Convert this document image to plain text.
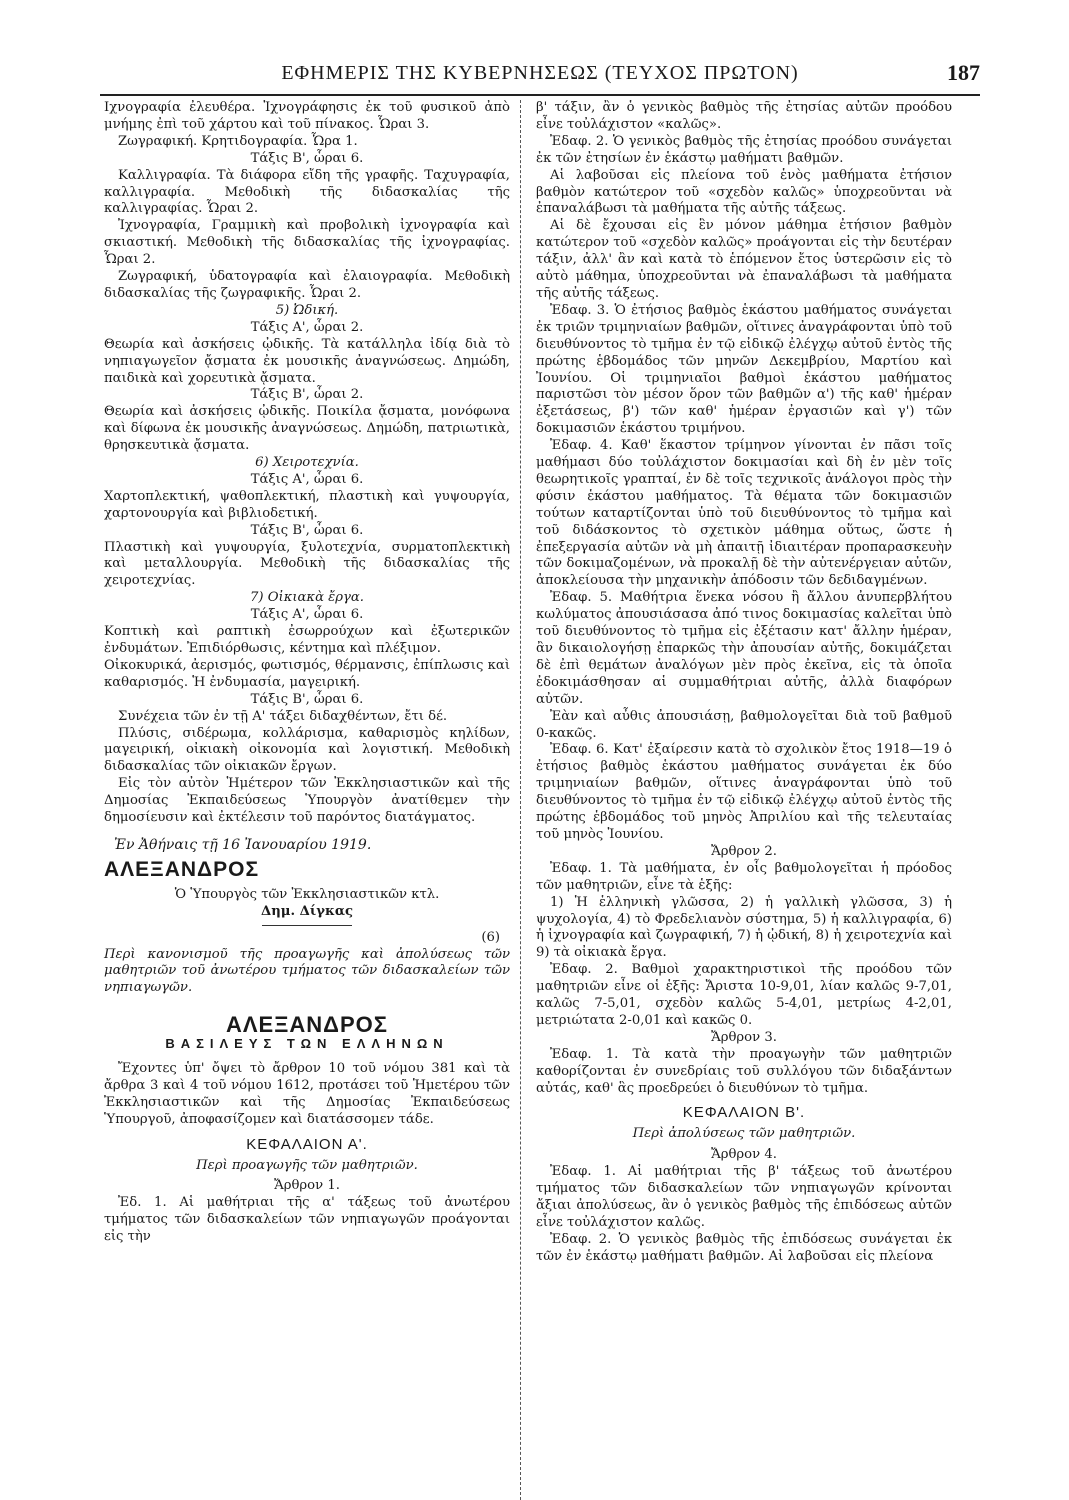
ΕΦΗΜΕΡΙΣ ΤΗΣ ΚΥΒΕΡΝΗΣΕΩΣ (ΤΕΥΧΟΣ ΠΡΩΤΟΝ)	187

Ιχνογραφία ἐλευθέρα. Ἰχνογράφησις ἐκ τοῦ φυσικοῦ ἀπὸ μνήμης ἐπὶ τοῦ χάρτου καὶ τοῦ πίνακος. Ὧραι 3.

Ζωγραφική. Κρητιδογραφία. Ὧρα 1.

Τάξις Β', ὧραι 6.

Καλλιγραφία. Τὰ διάφορα εἴδη τῆς γραφῆς. Ταχυγραφία, καλλιγραφία. Μεθοδικὴ τῆς διδασκαλίας τῆς καλλιγραφίας. Ὧραι 2.

Ἰχνογραφία, Γραμμικὴ καὶ προβολικὴ ἰχνογραφία καὶ σκιαστική. Μεθοδικὴ τῆς διδασκαλίας τῆς ἰχνογραφίας. Ὧραι 2.

Ζωγραφική, ὑδατογραφία καὶ ἐλαιογραφία. Μεθοδικὴ διδασκαλίας τῆς ζωγραφικῆς. Ὧραι 2.

5) Ὠδική.

Τάξις Α', ὧραι 2.

Θεωρία καὶ ἀσκήσεις ᾠδικῆς. Τὰ κατάλληλα ἰδίᾳ διὰ τὸ νηπιαγωγεῖον ᾄσματα ἐκ μουσικῆς ἀναγνώσεως. Δημώδη, παιδικὰ καὶ χορευτικὰ ᾄσματα.

Τάξις Β', ὧραι 2.

Θεωρία καὶ ἀσκήσεις ᾠδικῆς. Ποικίλα ᾄσματα, μονόφωνα καὶ δίφωνα ἐκ μουσικῆς ἀναγνώσεως. Δημώδη, πατριωτικὰ, θρησκευτικὰ ᾄσματα.

6) Χειροτεχνία.

Τάξις Α', ὧραι 6.

Χαρτοπλεκτική, ψαθοπλεκτική, πλαστικὴ καὶ γυψουργία, χαρτονουργία καὶ βιβλιοδετική.

Τάξις Β', ὧραι 6.

Πλαστικὴ καὶ γυψουργία, ξυλοτεχνία, συρματοπλεκτικὴ καὶ μεταλλουργία. Μεθοδικὴ τῆς διδασκαλίας τῆς χειροτεχνίας.

7) Οἰκιακὰ ἔργα.

Τάξις Α', ὧραι 6.

Κοπτικὴ καὶ ραπτικὴ ἐσωρρούχων καὶ ἐξωτερικῶν ἐνδυμάτων. Ἐπιδιόρθωσις, κέντημα καὶ πλέξιμον.

Οἰκοκυρικά, ἀερισμός, φωτισμός, θέρμανσις, ἐπίπλωσις καὶ καθαρισμός. Ἡ ἐνδυμασία, μαγειρική.

Τάξις Β', ὧραι 6.

Συνέχεια τῶν ἐν τῇ Α' τάξει διδαχθέντων, ἔτι δέ.

Πλύσις, σιδέρωμα, κολλάρισμα, καθαρισμὸς κηλίδων, μαγειρική, οἰκιακὴ οἰκονομία καὶ λογιστική. Μεθοδικὴ διδασκαλίας τῶν οἰκιακῶν ἔργων.

Εἰς τὸν αὐτὸν Ἡμέτερον τῶν Ἐκκλησιαστικῶν καὶ τῆς Δημοσίας Ἐκπαιδεύσεως Ὑπουργὸν ἀνατίθεμεν τὴν δημοσίευσιν καὶ ἐκτέλεσιν τοῦ παρόντος διατάγματος.

Ἐν Ἀθήναις τῇ 16 Ἰανουαρίου 1919.

ΑΛΕΞΑΝΔΡΟΣ

Ὁ Ὑπουργὸς τῶν Ἐκκλησιαστικῶν κτλ.

Δημ. Δίγκας

(6)

Περὶ κανονισμοῦ τῆς προαγωγῆς καὶ ἀπολύσεως τῶν μαθητριῶν τοῦ ἀνωτέρου τμήματος τῶν διδασκαλείων τῶν νηπιαγωγῶν.

ΑΛΕΞΑΝΔΡΟΣ

ΒΑΣΙΛΕΥΣ ΤΩΝ ΕΛΛΗΝΩΝ

Ἔχοντες ὑπ' ὄψει τὸ ἄρθρον 10 τοῦ νόμου 381 καὶ τὰ ἄρθρα 3 καὶ 4 τοῦ νόμου 1612, προτάσει τοῦ Ἡμετέρου τῶν Ἐκκλησιαστικῶν καὶ τῆς Δημοσίας Ἐκπαιδεύσεως Ὑπουργοῦ, ἀποφασίζομεν καὶ διατάσσομεν τάδε.

ΚΕΦΑΛΑΙΟΝ Α'.

Περὶ προαγωγῆς τῶν μαθητριῶν.

Ἄρθρον 1.

Ἐδ. 1. Αἱ μαθήτριαι τῆς α' τάξεως τοῦ ἀνωτέρου τμήματος τῶν διδασκαλείων τῶν νηπιαγωγῶν προάγονται εἰς τὴν

β' τάξιν, ἂν ὁ γενικὸς βαθμὸς τῆς ἐτησίας αὐτῶν προόδου εἶνε τοὐλάχιστον «καλῶς».

Ἐδαφ. 2. Ὁ γενικὸς βαθμὸς τῆς ἐτησίας προόδου συνάγεται ἐκ τῶν ἐτησίων ἐν ἑκάστῳ μαθήματι βαθμῶν.

Αἱ λαβοῦσαι εἰς πλείονα τοῦ ἑνὸς μαθήματα ἐτήσιον βαθμὸν κατώτερον τοῦ «σχεδὸν καλῶς» ὑποχρεοῦνται νὰ ἐπαναλάβωσι τὰ μαθήματα τῆς αὐτῆς τάξεως.

Αἱ δὲ ἔχουσαι εἰς ἓν μόνον μάθημα ἐτήσιον βαθμὸν κατώτερον τοῦ «σχεδὸν καλῶς» προάγονται εἰς τὴν δευτέραν τάξιν, ἀλλ' ἂν καὶ κατὰ τὸ ἑπόμενον ἔτος ὑστερῶσιν εἰς τὸ αὐτὸ μάθημα, ὑποχρεοῦνται νὰ ἐπαναλάβωσι τὰ μαθήματα τῆς αὐτῆς τάξεως.

Ἐδαφ. 3. Ὁ ἐτήσιος βαθμὸς ἑκάστου μαθήματος συνάγεται ἐκ τριῶν τριμηνιαίων βαθμῶν, οἵτινες ἀναγράφονται ὑπὸ τοῦ διευθύνοντος τὸ τμῆμα ἐν τῷ εἰδικῷ ἐλέγχῳ αὐτοῦ ἐντὸς τῆς πρώτης ἑβδομάδος τῶν μηνῶν Δεκεμβρίου, Μαρτίου καὶ Ἰουνίου. Οἱ τριμηνιαῖοι βαθμοὶ ἑκάστου μαθήματος παριστῶσι τὸν μέσον ὅρον τῶν βαθμῶν α') τῆς καθ' ἡμέραν ἐξετάσεως, β') τῶν καθ' ἡμέραν ἐργασιῶν καὶ γ') τῶν δοκιμασιῶν ἑκάστου τριμήνου.

Ἐδαφ. 4. Καθ' ἕκαστον τρίμηνον γίνονται ἐν πᾶσι τοῖς μαθήμασι δύο τοὐλάχιστον δοκιμασίαι καὶ δὴ ἐν μὲν τοῖς θεωρητικοῖς γραπταί, ἐν δὲ τοῖς τεχνικοῖς ἀνάλογοι πρὸς τὴν φύσιν ἑκάστου μαθήματος. Τὰ θέματα τῶν δοκιμασιῶν τούτων καταρτίζονται ὑπὸ τοῦ διευθύνοντος τὸ τμῆμα καὶ τοῦ διδάσκοντος τὸ σχετικὸν μάθημα οὕτως, ὥστε ἡ ἐπεξεργασία αὐτῶν νὰ μὴ ἀπαιτῇ ἰδιαιτέραν προπαρασκευὴν τῶν δοκιμαζομένων, νὰ προκαλῇ δὲ τὴν αὐτενέργειαν αὐτῶν, ἀποκλείουσα τὴν μηχανικὴν ἀπόδοσιν τῶν δεδιδαγμένων.

Ἐδαφ. 5. Μαθήτρια ἕνεκα νόσου ἢ ἄλλου ἀνυπερβλήτου κωλύματος ἀπουσιάσασα ἀπό τινος δοκιμασίας καλεῖται ὑπὸ τοῦ διευθύνοντος τὸ τμῆμα εἰς ἐξέτασιν κατ' ἄλλην ἡμέραν, ἂν δικαιολογήσῃ ἐπαρκῶς τὴν ἀπουσίαν αὐτῆς, δοκιμάζεται δὲ ἐπὶ θεμάτων ἀναλόγων μὲν πρὸς ἐκεῖνα, εἰς τὰ ὁποῖα ἐδοκιμάσθησαν αἱ συμμαθήτριαι αὐτῆς, ἀλλὰ διαφόρων αὐτῶν.

Ἐὰν καὶ αὖθις ἀπουσιάσῃ, βαθμολογεῖται διὰ τοῦ βαθμοῦ 0-κακῶς.

Ἐδαφ. 6. Κατ' ἐξαίρεσιν κατὰ τὸ σχολικὸν ἔτος 1918—19 ὁ ἐτήσιος βαθμὸς ἑκάστου μαθήματος συνάγεται ἐκ δύο τριμηνιαίων βαθμῶν, οἵτινες ἀναγράφονται ὑπὸ τοῦ διευθύνοντος τὸ τμῆμα ἐν τῷ εἰδικῷ ἐλέγχῳ αὐτοῦ ἐντὸς τῆς πρώτης ἑβδομάδος τοῦ μηνὸς Ἀπριλίου καὶ τῆς τελευταίας τοῦ μηνὸς Ἰουνίου.

Ἄρθρον 2.

Ἐδαφ. 1. Τὰ μαθήματα, ἐν οἷς βαθμολογεῖται ἡ πρόοδος τῶν μαθητριῶν, εἶνε τὰ ἑξῆς:

1) Ἡ ἑλληνικὴ γλῶσσα, 2) ἡ γαλλικὴ γλῶσσα, 3) ἡ ψυχολογία, 4) τὸ Φρεδελιανὸν σύστημα, 5) ἡ καλλιγραφία, 6) ἡ ἰχνογραφία καὶ ζωγραφική, 7) ἡ ᾠδική, 8) ἡ χειροτεχνία καὶ 9) τὰ οἰκιακὰ ἔργα.

Ἐδαφ. 2. Βαθμοὶ χαρακτηριστικοὶ τῆς προόδου τῶν μαθητριῶν εἶνε οἱ ἑξῆς: Ἄριστα 10-9,01, λίαν καλῶς 9-7,01, καλῶς 7-5,01, σχεδὸν καλῶς 5-4,01, μετρίως 4-2,01, μετριώτατα 2-0,01 καὶ κακῶς 0.

Ἄρθρον 3.

Ἐδαφ. 1. Τὰ κατὰ τὴν προαγωγὴν τῶν μαθητριῶν καθορίζονται ἐν συνεδρίαις τοῦ συλλόγου τῶν διδαξάντων αὐτάς, καθ' ἃς προεδρεύει ὁ διευθύνων τὸ τμῆμα.

ΚΕΦΑΛΑΙΟΝ Β'.

Περὶ ἀπολύσεως τῶν μαθητριῶν.

Ἄρθρον 4.

Ἐδαφ. 1. Αἱ μαθήτριαι τῆς β' τάξεως τοῦ ἀνωτέρου τμήματος τῶν διδασκαλείων τῶν νηπιαγωγῶν κρίνονται ἄξιαι ἀπολύσεως, ἂν ὁ γενικὸς βαθμὸς τῆς ἐπιδόσεως αὐτῶν εἶνε τοὐλάχιστον καλῶς.

Ἐδαφ. 2. Ὁ γενικὸς βαθμὸς τῆς ἐπιδόσεως συνάγεται ἐκ τῶν ἐν ἑκάστῳ μαθήματι βαθμῶν. Αἱ λαβοῦσαι εἰς πλείονα
